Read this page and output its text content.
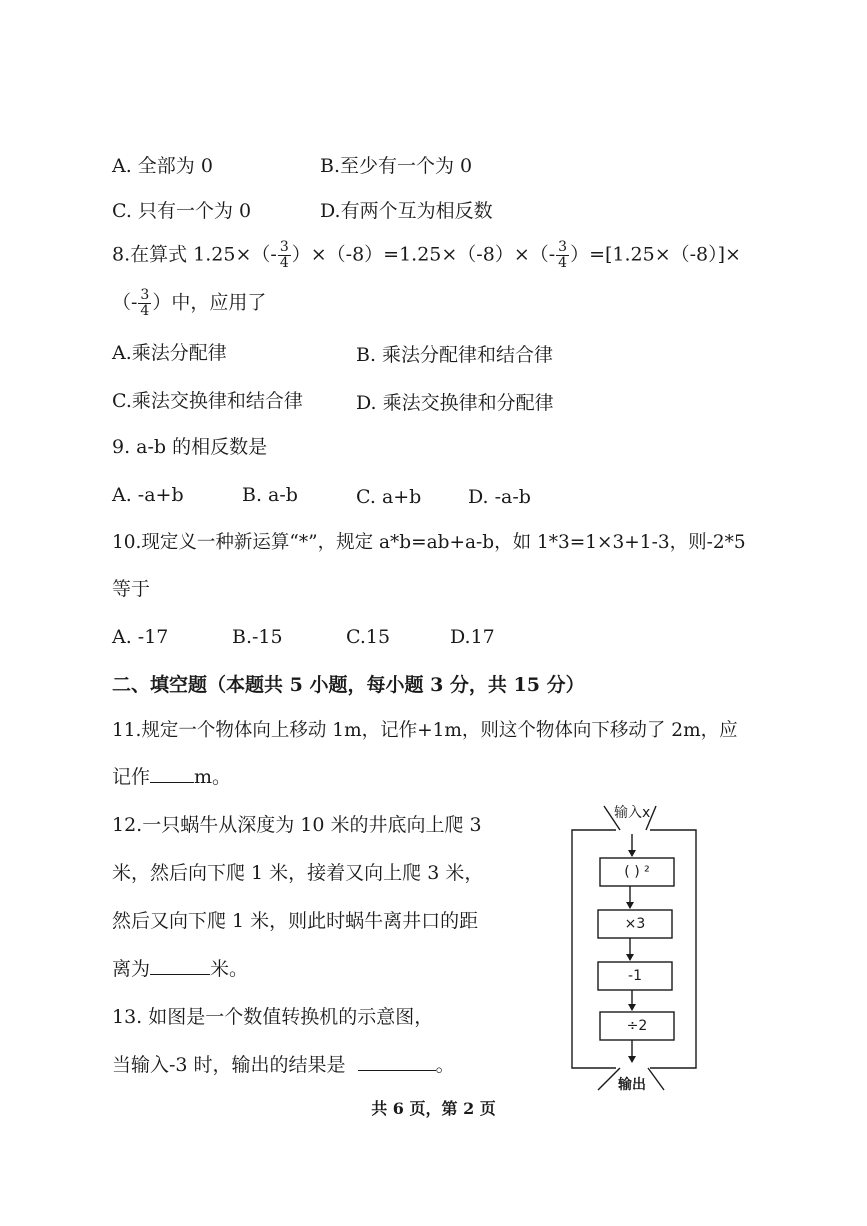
A. 全部为 0	B.至少有一个为 0
C. 只有一个为 0	D.有两个互为相反数
8.在算式 $1.25\times(- \frac{3}{4} )\times(-8)=1.25\times(-8)\times(- \frac{3}{4} )=[1.25\times(-8)]\times$
（- $\frac{3}{4}$ ）中，应用了
A.乘法分配律	B. 乘法分配律和结合律
C.乘法交换律和结合律	D. 乘法交换律和分配律
9. a-b 的相反数是
A. -a+b	B. a-b	C. a+b D. -a-b
10.现定义一种新运算“*”，规定 a*b=ab+a-b，如 1*3=1×3+1-3，则-2*5
等于
A. -17	B.-15	C.15	D.17
二、填空题（本题共 5 小题，每小题 3 分，共 15 分）
11.规定一个物体向上移动 1m，记作+1m，则这个物体向下移动了 2m，应
记作 m。
12.一只蜗牛从深度为 10 米的井底向上爬 3
米，然后向下爬 1 米，接着又向上爬 3 米，
然后又向下爬 1 米，则此时蜗牛离井口的距
离为	米。
13. 如图是一个数值转换机的示意图，
当输入-3 时，输出的结果是	。
输入x
( ) ²
×3
-1
÷2
输出
共 6 页，第 2 页
